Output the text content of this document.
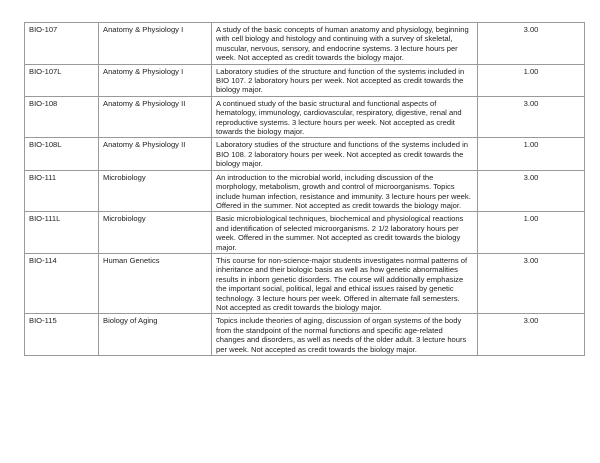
BIO-107	Anatomy & Physiology I	A study of the basic concepts of human anatomy and physiology, beginning with cell biology and histology and continuing with a survey of skeletal, muscular, nervous, sensory, and endocrine systems. 3 lecture hours per week. Not accepted as credit towards the biology major.	3.00
BIO-107L	Anatomy & Physiology I	Laboratory studies of the structure and function of the systems included in BIO 107. 2 laboratory hours per week. Not accepted as credit towards the biology major.	1.00
BIO-108	Anatomy & Physiology II	A continued study of the basic structural and functional aspects of hematology, immunology, cardiovascular, respiratory, digestive, renal and reproductive systems. 3 lecture hours per week. Not accepted as credit towards the biology major.	3.00
BIO-108L	Anatomy & Physiology II	Laboratory studies of the structure and functions of the systems included in BIO 108. 2 laboratory hours per week. Not accepted as credit towards the biology major.	1.00
BIO-111	Microbiology	An introduction to the microbial world, including discussion of the morphology, metabolism, growth and control of microorganisms. Topics include human infection, resistance and immunity. 3 lecture hours per week. Offered in the summer. Not accepted as credit towards the biology major.	3.00
BIO-111L	Microbiology	Basic microbiological techniques, biochemical and physiological reactions and identification of selected microorganisms. 2 1/2 laboratory hours per week. Offered in the summer. Not accepted as credit towards the biology major.	1.00
BIO-114	Human Genetics	This course for non-science-major students investigates normal patterns of inheritance and their biologic basis as well as how genetic abnormalities results in inborn genetic disorders. The course will additionally emphasize the important social, political, legal and ethical issues raised by genetic technology. 3 lecture hours per week. Offered in alternate fall semesters. Not accepted as credit towards the biology major.	3.00
BIO-115	Biology of Aging	Topics include theories of aging, discussion of organ systems of the body from the standpoint of the normal functions and specific age-related changes and disorders, as well as needs of the older adult. 3 lecture hours per week. Not accepted as credit towards the biology major.	3.00
